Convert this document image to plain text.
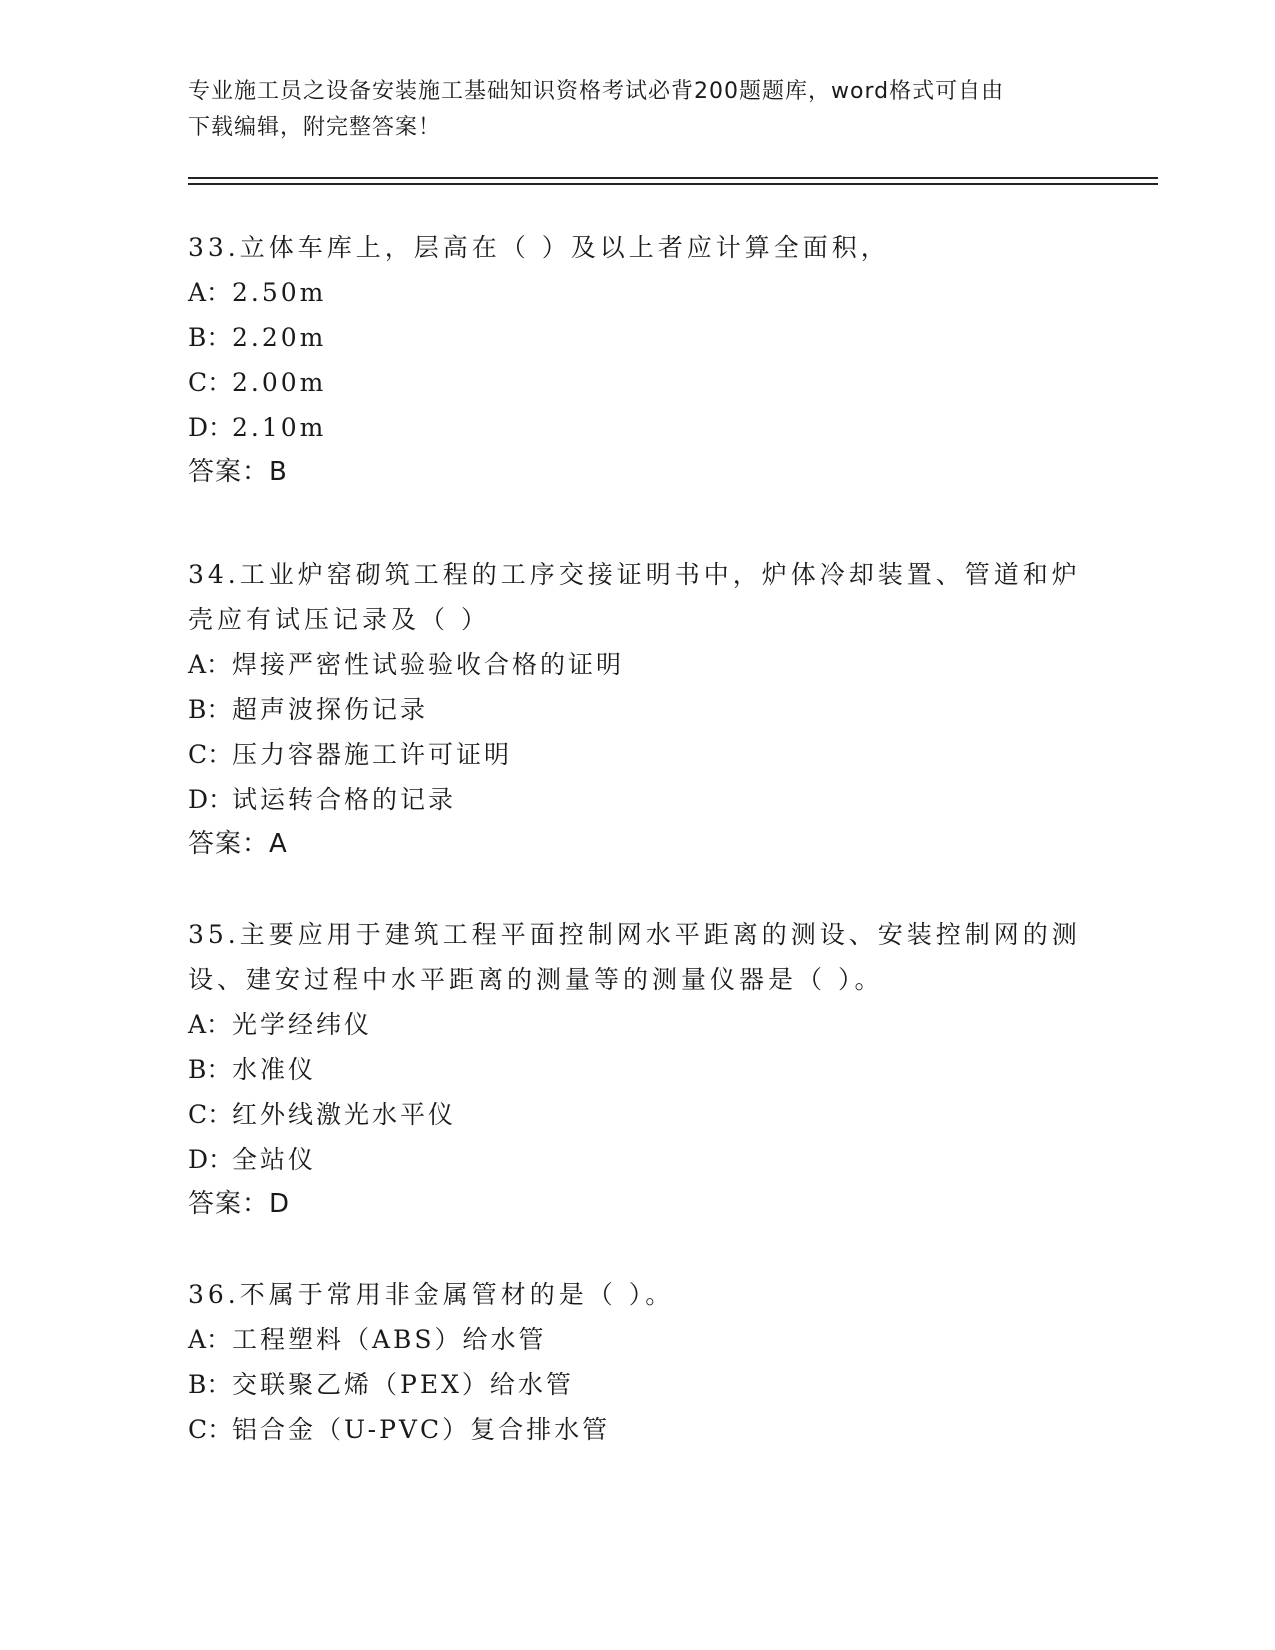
专业施工员之设备安装施工基础知识资格考试必背200题题库，word格式可自由
下载编辑，附完整答案！
33.立体车库上，层高在（ ）及以上者应计算全面积，
A：2.50m
B：2.20m
C：2.00m
D：2.10m
答案：B
34.工业炉窑砌筑工程的工序交接证明书中，炉体冷却装置、管道和炉
壳应有试压记录及（ ）
A：焊接严密性试验验收合格的证明
B：超声波探伤记录
C：压力容器施工许可证明
D：试运转合格的记录
答案：A
35.主要应用于建筑工程平面控制网水平距离的测设、安装控制网的测
设、建安过程中水平距离的测量等的测量仪器是（ ）。
A：光学经纬仪
B：水准仪
C：红外线激光水平仪
D：全站仪
答案：D
36.不属于常用非金属管材的是（ ）。
A：工程塑料（ABS）给水管
B：交联聚乙烯（PEX）给水管
C：铝合金（U-PVC）复合排水管
